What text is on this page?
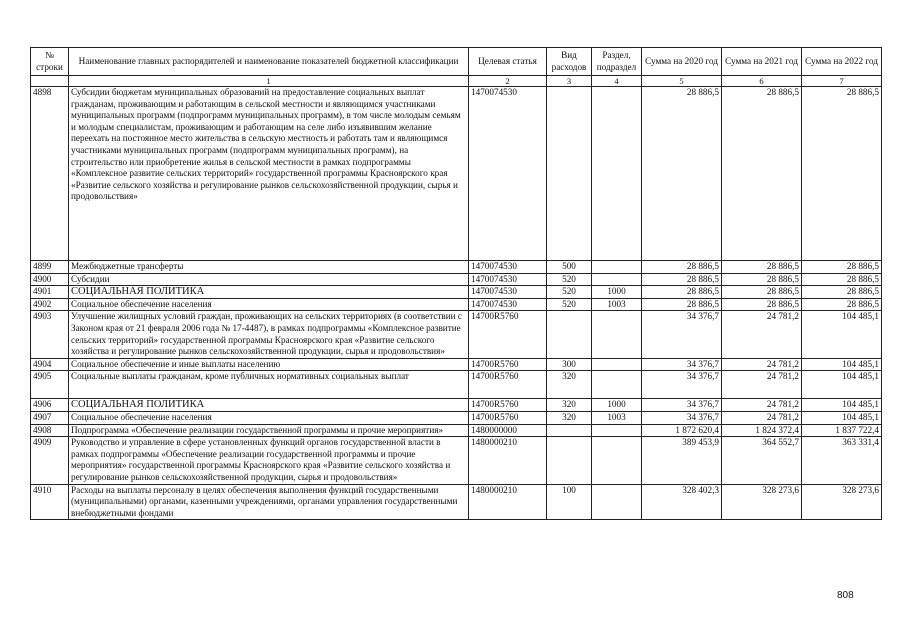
№ строки	Наименование главных распорядителей и наименование показателей бюджетной классификации	Целевая статья	Вид расходов	Раздел, подраздел	Сумма на 2020 год	Сумма на 2021 год	Сумма на 2022 год
	1	2	3	4	5	6	7
4898	Субсидии бюджетам муниципальных образований на предоставление социальных выплат гражданам, проживающим и работающим в сельской местности и являющимся участниками муниципальных программ (подпрограмм муниципальных программ), в том числе молодым семьям и молодым специалистам, проживающим и работающим на селе либо изъявившим желание переехать на постоянное место жительства в сельскую местность и работать там и являющимся участниками муниципальных программ (подпрограмм муниципальных программ), на строительство или приобретение жилья в сельской местности в рамках подпрограммы «Комплексное развитие сельских территорий» государственной программы Красноярского края «Развитие сельского хозяйства и регулирование рынков сельскохозяйственной продукции, сырья и продовольствия»	1470074530			28 886,5	28 886,5	28 886,5
4899	Межбюджетные трансферты	1470074530	500		28 886,5	28 886,5	28 886,5
4900	Субсидии	1470074530	520		28 886,5	28 886,5	28 886,5
4901	СОЦИАЛЬНАЯ ПОЛИТИКА	1470074530	520	1000	28 886,5	28 886,5	28 886,5
4902	Социальное обеспечение населения	1470074530	520	1003	28 886,5	28 886,5	28 886,5
4903	Улучшение жилищных условий граждан, проживающих на сельских территориях (в соответствии с Законом края от 21 февраля 2006 года № 17-4487), в рамках подпрограммы «Комплексное развитие сельских территорий» государственной программы Красноярского края «Развитие сельского хозяйства и регулирование рынков сельскохозяйственной продукции, сырья и продовольствия»	14700R5760			34 376,7	24 781,2	104 485,1
4904	Социальное обеспечение и иные выплаты населению	14700R5760	300		34 376,7	24 781,2	104 485,1
4905	Социальные выплаты гражданам, кроме публичных нормативных социальных выплат	14700R5760	320		34 376,7	24 781,2	104 485,1
4906	СОЦИАЛЬНАЯ ПОЛИТИКА	14700R5760	320	1000	34 376,7	24 781,2	104 485,1
4907	Социальное обеспечение населения	14700R5760	320	1003	34 376,7	24 781,2	104 485,1
4908	Подпрограмма «Обеспечение реализации государственной программы и прочие мероприятия»	1480000000			1 872 620,4	1 824 372,4	1 837 722,4
4909	Руководство и управление в сфере установленных функций органов государственной власти в рамках подпрограммы «Обеспечение реализации государственной программы и прочие мероприятия» государственной программы Красноярского края «Развитие сельского хозяйства и регулирование рынков сельскохозяйственной продукции, сырья и продовольствия»	1480000210			389 453,9	364 552,7	363 331,4
4910	Расходы на выплаты персоналу в целях обеспечения выполнения функций государственными (муниципальными) органами, казенными учреждениями, органами управления государственными внебюджетными фондами	1480000210	100		328 402,3	328 273,6	328 273,6
808
